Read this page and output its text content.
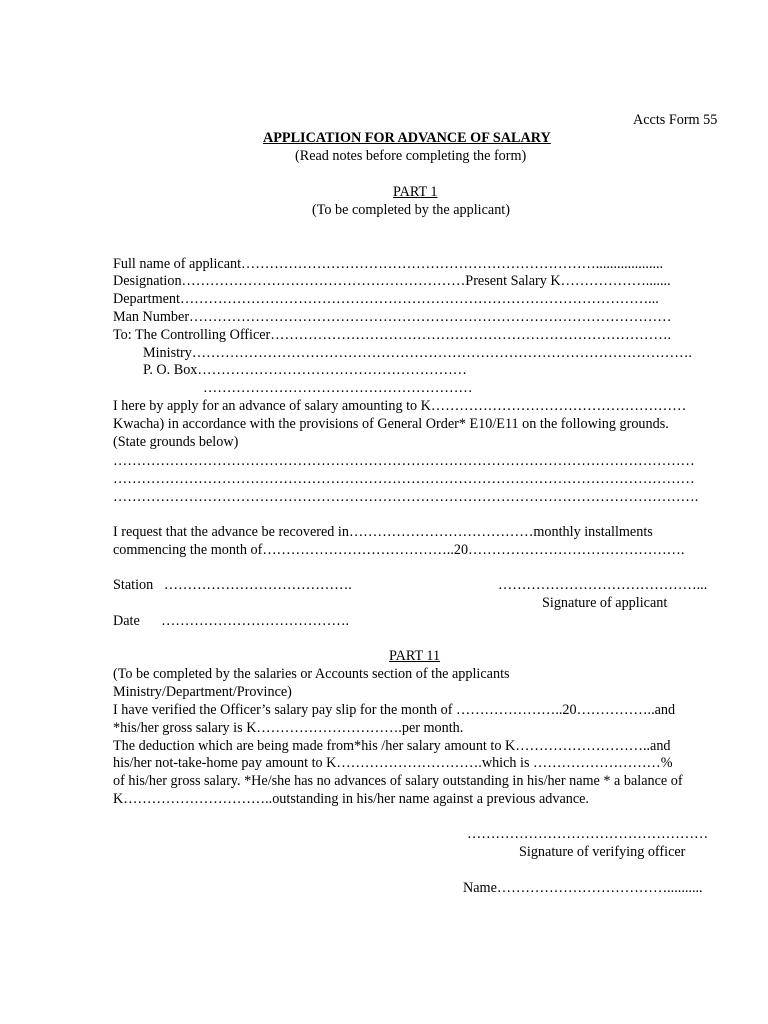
Accts Form 55
APPLICATION FOR ADVANCE OF SALARY
(Read notes before completing the form)
PART 1
(To be completed by the applicant)
Full name of applicant…………………………………………………………………...................
Designation……………………………………………………Present Salary K……………….......
Department………………………………………………………………………………………...
Man Number…………………………………………………………………………………………
To: The Controlling Officer………………………………………………………………………….
Ministry…………………………………………………………………………………………….
P. O. Box…………………………………………………
…………………………………………………
I here by apply for an advance of salary amounting to K………………………………………………
Kwacha) in accordance with the provisions of General Order* E10/E11 on the following grounds.
(State grounds below)
……………………………………………………………………………………………………………
……………………………………………………………………………………………………………
…………………………………………………………………………………………………………….
I request that the advance be recovered in…………………………………monthly installments
commencing the month of…………………………………..20……………………………………….
Station   ………………………………….	……………………………………...
Signature of applicant
Date      ………………………………….
PART 11
(To be completed by the salaries or Accounts section of the applicants
Ministry/Department/Province)
I have verified the Officer’s salary pay slip for the month of …………………..20……………..and
*his/her gross salary is K………………………….per month.
The deduction which are being made from*his /her salary amount to K………………………..and
his/her not-take-home pay amount to K………………………….which is ………………………%
of his/her gross salary. *He/she has no advances of salary outstanding in his/her name * a balance of
K…………………………..outstanding in his/her name against a previous advance.
……………………………………………
Signature of verifying officer
Name………………………………..........
